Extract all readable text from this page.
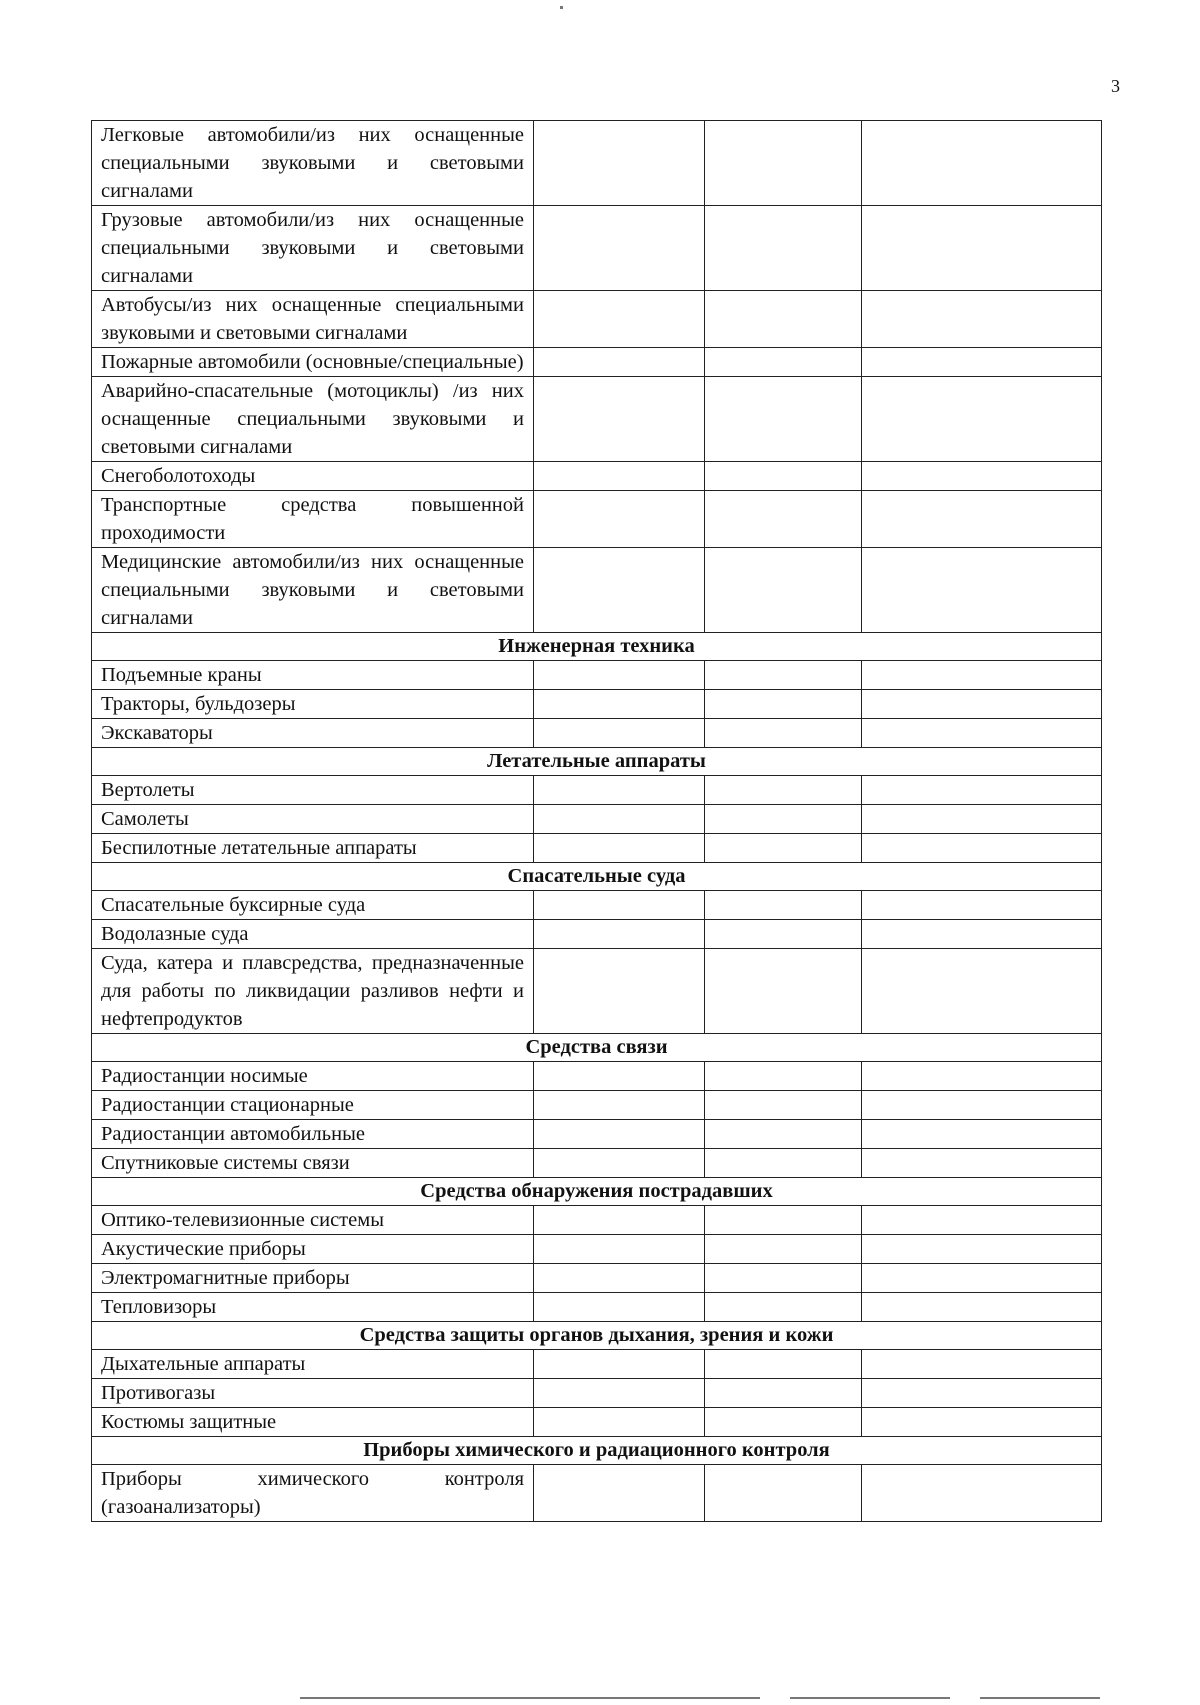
3
Легковые автомобили/из них оснащенные специальными звуковыми и световыми сигналами			
Грузовые автомобили/из них оснащенные специальными звуковыми и световыми сигналами			
Автобусы/из них оснащенные специальными звуковыми и световыми сигналами			
Пожарные автомобили (основные/специальные)			
Аварийно-спасательные (мотоциклы) /из них оснащенные специальными звуковыми и световыми сигналами			
Снегоболотоходы			
Транспортные средства повышенной проходимости			
Медицинские автомобили/из них оснащенные специальными звуковыми и световыми сигналами			
Инженерная техника			
Подъемные краны			
Тракторы, бульдозеры			
Экскаваторы			
Летательные аппараты			
Вертолеты			
Самолеты			
Беспилотные летательные аппараты			
Спасательные суда			
Спасательные буксирные суда			
Водолазные суда			
Суда, катера и плавсредства, предназначенные для работы по ликвидации разливов нефти и нефтепродуктов			
Средства связи			
Радиостанции носимые			
Радиостанции стационарные			
Радиостанции автомобильные			
Спутниковые системы связи			
Средства обнаружения пострадавших			
Оптико-телевизионные системы			
Акустические приборы			
Электромагнитные приборы			
Тепловизоры			
Средства защиты органов дыхания, зрения и кожи			
Дыхательные аппараты			
Противогазы			
Костюмы защитные			
Приборы химического и радиационного контроля			
Приборы химического контроля (газоанализаторы)			
